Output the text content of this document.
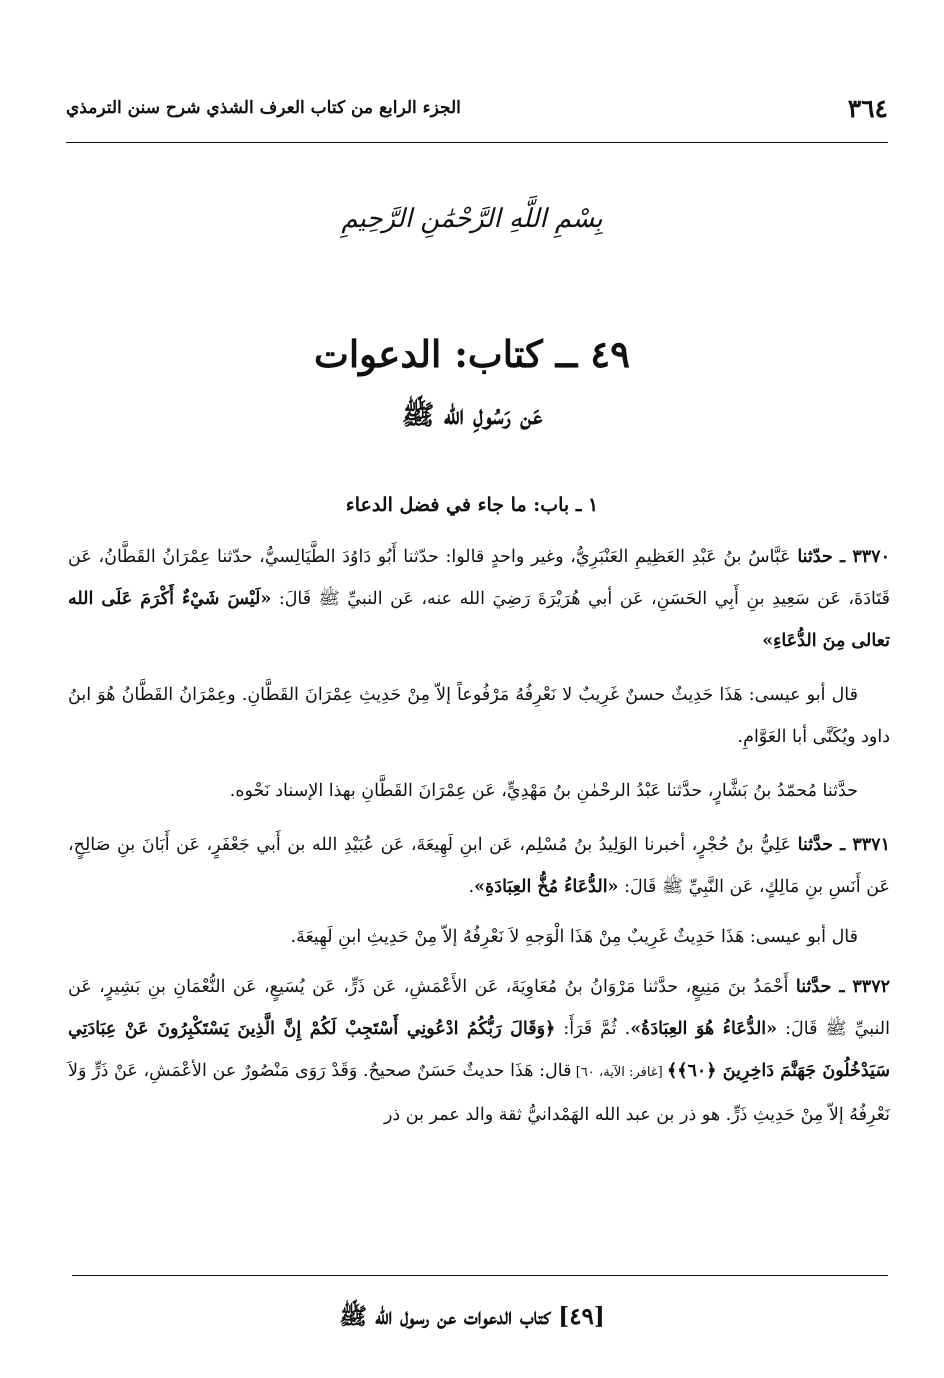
٣٦٤
الجزء الرابع من كتاب العرف الشذي شرح سنن الترمذي
بِسْمِ اللَّهِ الرَّحْمَٰنِ الرَّحِيمِ
٤٩ ــ كتاب: الدعوات
عَن رَسُولِ الله ﷺ
١ ـ باب: ما جاء في فضل الدعاء

٣٣٧٠ ـ حدّثنا عَبَّاسُ بنُ عَبْدِ العَظِيمِ العَنْبَرِيُّ، وغير واحدٍ قالوا: حدّثنا أَبُو دَاوُدَ الطَّيَالِسيُّ، حدّثنا عِمْرَانُ القَطَّانُ، عَن قَتَادَةَ، عَن سَعِيدِ بنِ أَبِي الحَسَنِ، عَن أبي هُرَيْرَةَ رَضِيَ الله عنه، عَن النبيِّ ﷺ قَالَ: «لَيْسَ شَيْءٌ أَكْرَمَ عَلَى الله تعالى مِنَ الدُّعَاءِ»

قال أبو عيسى: هَذَا حَدِيثٌ حسنٌ غَرِيبٌ لا نَعْرِفُهُ مَرْفُوعاً إلاّ مِنْ حَدِيثِ عِمْرَانَ القَطَّانِ. وعِمْرَانُ القَطَّانُ هُوَ ابنُ داود ويُكَنَّى أبا العَوَّامِ.

حدَّثنا مُحمّدُ بنُ بَشَّارٍ، حدَّثنا عَبْدُ الرحْمٰنِ بنُ مَهْدِيٍّ، عَن عِمْرَانَ القَطَّانِ بهذا الإسناد نَحْوه.

٣٣٧١ ـ حدَّثنا عَلِيُّ بنُ حُجْرٍ، أخبرنا الوَلِيدُ بنُ مُسْلِم، عَن ابنِ لَهِيعَةَ، عَن عُبَيْدِ الله بن أَبي جَعْفَرٍ، عَن أَبَانَ بنِ صَالِحٍ، عَن أَنَسِ بنِ مَالِكٍ، عَن النَّبِيِّ ﷺ قَالَ: «الدُّعَاءُ مُخُّ العِبَادَةِ».

قال أبو عيسى: هَذَا حَدِيثٌ غَرِيبٌ مِنْ هَذَا الْوَجهِ لاَ نَعْرِفُهُ إلاّ مِنْ حَدِيثِ ابنِ لَهِيعَةَ.

٣٣٧٢ ـ حدَّثنا أَحْمَدُ بنَ مَنِيعٍ، حدَّثنا مَرْوَانُ بنُ مُعَاوِيَةَ، عَن الأَعْمَشِ، عَن ذَرٍّ، عَن يُسَيعٍ، عَن النُّعْمَانِ بنِ بَشِيرٍ، عَن النبيِّ ﷺ قَالَ: «الدُّعَاءُ هُوَ العِبَادَةُ». ثُمَّ قَرَأَ: ﴿وَقَالَ رَبُّكُمُ ادْعُونِي أَسْتَجِبْ لَكُمْ إِنَّ الَّذِينَ يَسْتَكْبِرُونَ عَنْ عِبَادَتِي سَيَدْخُلُونَ جَهَنَّمَ دَاخِرِينَ ﴿٦٠﴾﴾ [غافر: الآية، ٦٠] قال: هَذَا حديثٌ حَسَنٌ صحيحٌ. وَقَدْ رَوَى مَنْصُورٌ عن الأعْمَشِ، عَنْ ذَرٍّ وَلاَ نَعْرِفُهُ إلاّ مِنْ حَدِيثِ ذَرٍّ. هو ذر بن عبد الله الهَمْدانيُّ ثقة والد عمر بن ذر

[٤٩] كتاب الدعوات عن رسول الله ﷺ
